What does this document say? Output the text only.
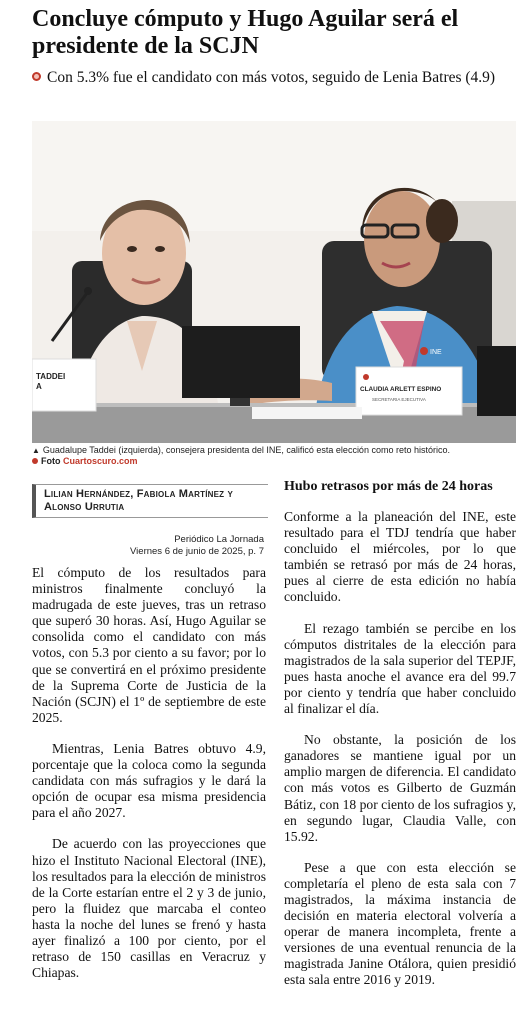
Concluye cómputo y Hugo Aguilar será el presidente de la SCJN

Con 5.3% fue el candidato con más votos, seguido de Lenia Batres (4.9)

INE
TADDEI
A	CLAUDIA ARLETT ESPINO
SECRETARIA EJECUTIVA
▲ Guadalupe Taddei (izquierda), consejera presidenta del INE, calificó esta elección como reto histórico.
Foto Cuartoscuro.com
Lilian Hernández, Fabiola Martínez y Alonso Urrutia
Periódico La Jornada
Viernes 6 de junio de 2025, p. 7

El cómputo de los resultados para ministros finalmente concluyó la madrugada de este jueves, tras un retraso que superó 30 horas. Así, Hugo Aguilar se consolida como el candidato con más votos, con 5.3 por ciento a su favor; por lo que se convertirá en el próximo presidente de la Suprema Corte de Justicia de la Nación (SCJN) el 1º de septiembre de este 2025.

Mientras, Lenia Batres obtuvo 4.9, porcentaje que la coloca como la segunda candidata con más sufragios y le dará la opción de ocupar esa misma presidencia para el año 2027.

De acuerdo con las proyecciones que hizo el Instituto Nacional Electoral (INE), los resultados para la elección de ministros de la Corte estarían entre el 2 y 3 de junio, pero la fluidez que marcaba el conteo hasta la noche del lunes se frenó y hasta ayer finalizó a 100 por ciento, por el retraso de 150 casillas en Veracruz y Chiapas.

Hubo retrasos por más de 24 horas

Conforme a la planeación del INE, este resultado para el TDJ tendría que haber concluido el miércoles, por lo que también se retrasó por más de 24 horas, pues al cierre de esta edición no había concluido.

El rezago también se percibe en los cómputos distritales de la elección para magistrados de la sala superior del TEPJF, pues hasta anoche el avance era del 99.7 por ciento y tendría que haber concluido al finalizar el día.

No obstante, la posición de los ganadores se mantiene igual por un amplio margen de diferencia. El candidato con más votos es Gilberto de Guzmán Bátiz, con 18 por ciento de los sufragios y, en segundo lugar, Claudia Valle, con 15.92.

Pese a que con esta elección se completaría el pleno de esta sala con 7 magistrados, la máxima instancia de decisión en materia electoral volvería a operar de manera incompleta, frente a versiones de una eventual renuncia de la magistrada Janine Otálora, quien presidió esta sala entre 2016 y 2019.
